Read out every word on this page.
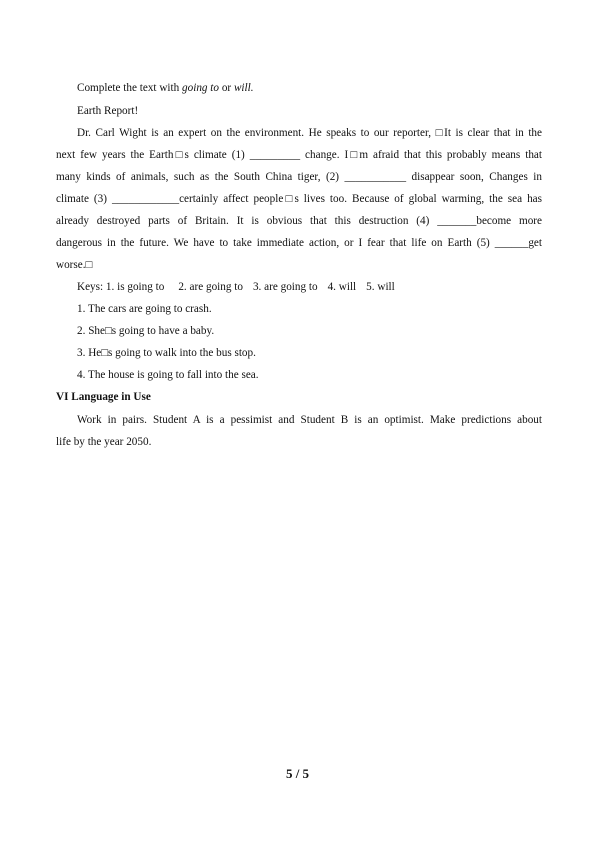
Complete the text with going to or will.
Earth Report!
Dr. Carl Wight is an expert on the environment. He speaks to our reporter, □It is clear that in the
next few years the Earth□s climate (1) _________ change. I□m afraid that this probably means that
many kinds of animals, such as the South China tiger, (2) ___________ disappear soon, Changes in
climate (3) ____________certainly affect people□s lives too. Because of global warming, the sea has
already destroyed parts of Britain. It is obvious that this destruction (4) _______become more
dangerous in the future. We have to take immediate action, or I fear that life on Earth (5) ______get
worse.□
Keys: 1. is going to 2. are going to 3. are going to 4. will 5. will
1. The cars are going to crash.
2. She□s going to have a baby.
3. He□s going to walk into the bus stop.
4. The house is going to fall into the sea.
VI Language in Use
Work in pairs. Student A is a pessimist and Student B is an optimist. Make predictions about
life by the year 2050.
5 / 5
